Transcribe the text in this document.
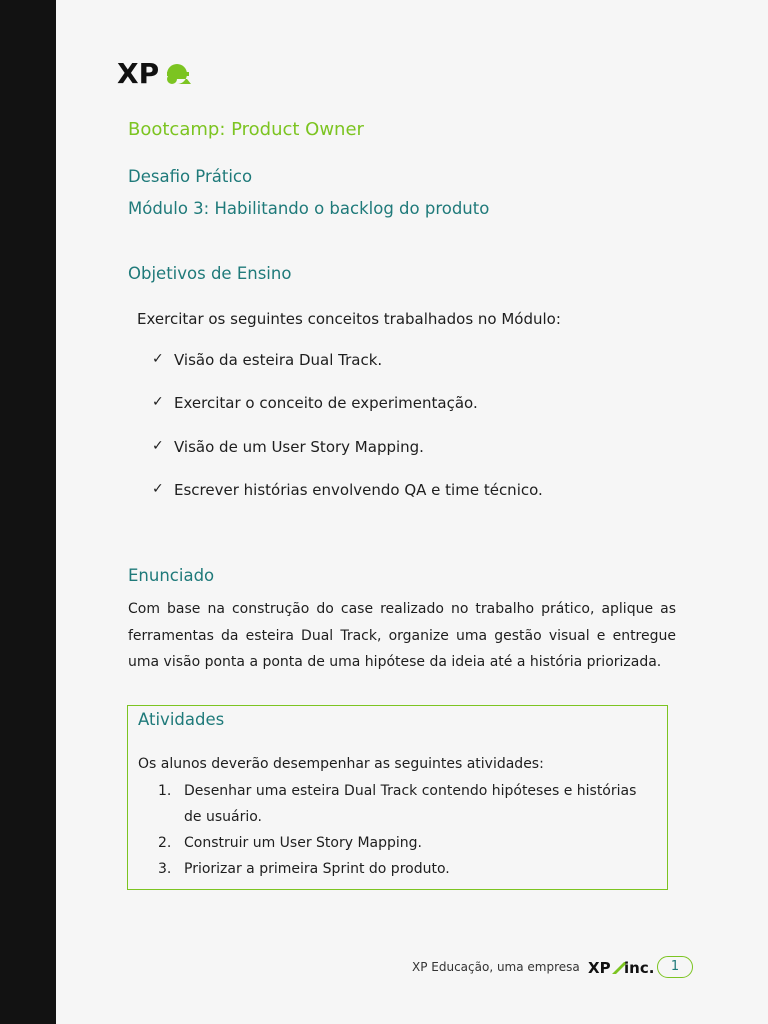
XP
Bootcamp: Product Owner
Desafio Prático
Módulo 3: Habilitando o backlog do produto
Objetivos de Ensino
Exercitar os seguintes conceitos trabalhados no Módulo:
✓ Visão da esteira Dual Track.
✓ Exercitar o conceito de experimentação.
✓ Visão de um User Story Mapping.
✓ Escrever histórias envolvendo QA e time técnico.
Enunciado

Com base na construção do case realizado no trabalho prático, aplique as ferramentas da esteira Dual Track, organize uma gestão visual e entregue uma visão ponta a ponta de uma hipótese da ideia até a história priorizada.

Atividades
Os alunos deverão desempenhar as seguintes atividades:
1. Desenhar uma esteira Dual Track contendo hipóteses e histórias de usuário.
2. Construir um User Story Mapping.
3. Priorizar a primeira Sprint do produto.
XP Educação, uma empresa XP inc.	1
